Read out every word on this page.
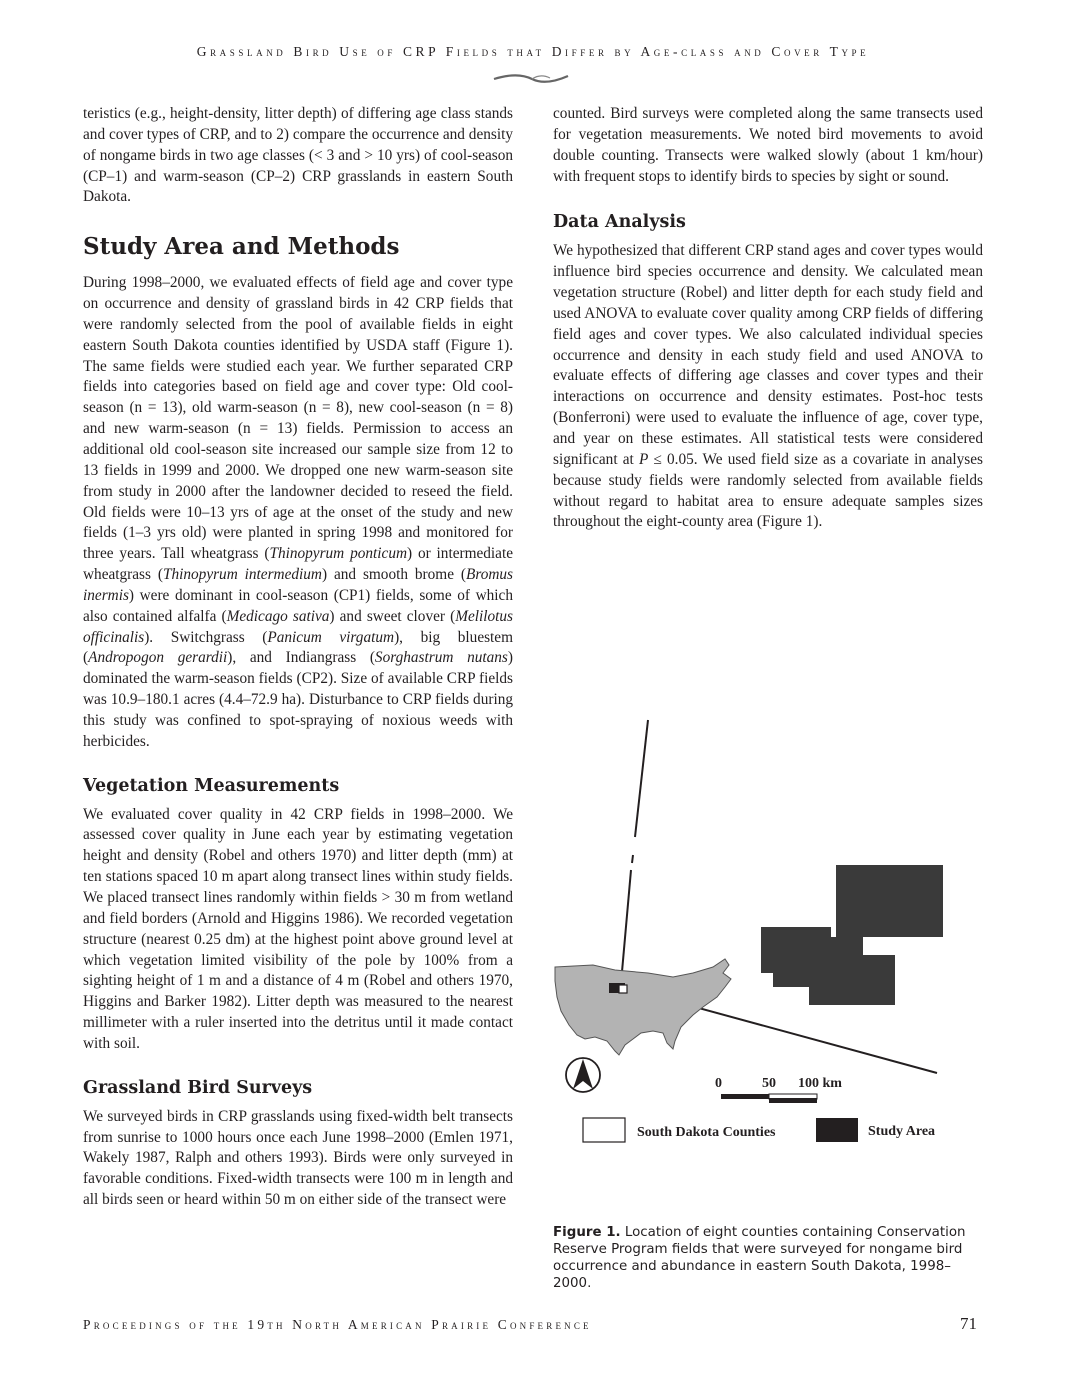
Grassland Bird Use of CRP Fields that Differ by Age-class and Cover Type

teristics (e.g., height-density, litter depth) of differing age class stands and cover types of CRP, and to 2) compare the occurrence and density of nongame birds in two age classes (< 3 and > 10 yrs) of cool-season (CP–1) and warm-season (CP–2) CRP grasslands in eastern South Dakota.

Study Area and Methods

During 1998–2000, we evaluated effects of field age and cover type on occurrence and density of grassland birds in 42 CRP fields that were randomly selected from the pool of available fields in eight eastern South Dakota counties identified by USDA staff (Figure 1). The same fields were studied each year. We further separated CRP fields into categories based on field age and cover type: Old cool-season (n = 13), old warm-season (n = 8), new cool-season (n = 8) and new warm-season (n = 13) fields. Permission to access an additional old cool-season site increased our sample size from 12 to 13 fields in 1999 and 2000. We dropped one new warm-season site from study in 2000 after the landowner decided to reseed the field. Old fields were 10–13 yrs of age at the onset of the study and new fields (1–3 yrs old) were planted in spring 1998 and monitored for three years. Tall wheatgrass (Thinopyrum ponticum) or intermediate wheatgrass (Thinopyrum intermedium) and smooth brome (Bromus inermis) were dominant in cool-season (CP1) fields, some of which also contained alfalfa (Medicago sativa) and sweet clover (Melilotus officinalis). Switchgrass (Panicum virgatum), big bluestem (Andropogon gerardii), and Indiangrass (Sorghastrum nutans) dominated the warm-season fields (CP2). Size of available CRP fields was 10.9–180.1 acres (4.4–72.9 ha). Disturbance to CRP fields during this study was confined to spot-spraying of noxious weeds with herbicides.

Vegetation Measurements

We evaluated cover quality in 42 CRP fields in 1998–2000. We assessed cover quality in June each year by estimating vegetation height and density (Robel and others 1970) and litter depth (mm) at ten stations spaced 10 m apart along transect lines within study fields. We placed transect lines randomly within fields > 30 m from wetland and field borders (Arnold and Higgins 1986). We recorded vegetation structure (nearest 0.25 dm) at the highest point above ground level at which vegetation limited visibility of the pole by 100% from a sighting height of 1 m and a distance of 4 m (Robel and others 1970, Higgins and Barker 1982). Litter depth was measured to the nearest millimeter with a ruler inserted into the detritus until it made contact with soil.

Grassland Bird Surveys

We surveyed birds in CRP grasslands using fixed-width belt transects from sunrise to 1000 hours once each June 1998–2000 (Emlen 1971, Wakely 1987, Ralph and others 1993). Birds were only surveyed in favorable conditions. Fixed-width transects were 100 m in length and all birds seen or heard within 50 m on either side of the transect were

counted. Bird surveys were completed along the same transects used for vegetation measurements. We noted bird movements to avoid double counting. Transects were walked slowly (about 1 km/hour) with frequent stops to identify birds to species by sight or sound.

Data Analysis

We hypothesized that different CRP stand ages and cover types would influence bird species occurrence and density. We calculated mean vegetation structure (Robel) and litter depth for each study field and used ANOVA to evaluate cover quality among CRP fields of differing field ages and cover types. We also calculated individual species occurrence and density in each study field and used ANOVA to evaluate effects of differing age classes and cover types and their interactions on occurrence and density estimates. Post-hoc tests (Bonferroni) were used to evaluate the influence of age, cover type, and year on these estimates. All statistical tests were considered significant at P ≤ 0.05. We used field size as a covariate in analyses because study fields were randomly selected from available fields without regard to habitat area to ensure adequate samples sizes throughout the eight-county area (Figure 1).

0	50 100 km
South Dakota Counties	Study Area
Figure 1. Location of eight counties containing Conservation Reserve Program fields that were surveyed for nongame bird occurrence and abundance in eastern South Dakota, 1998–2000.
Proceedings of the 19th North American Prairie Conference	71
